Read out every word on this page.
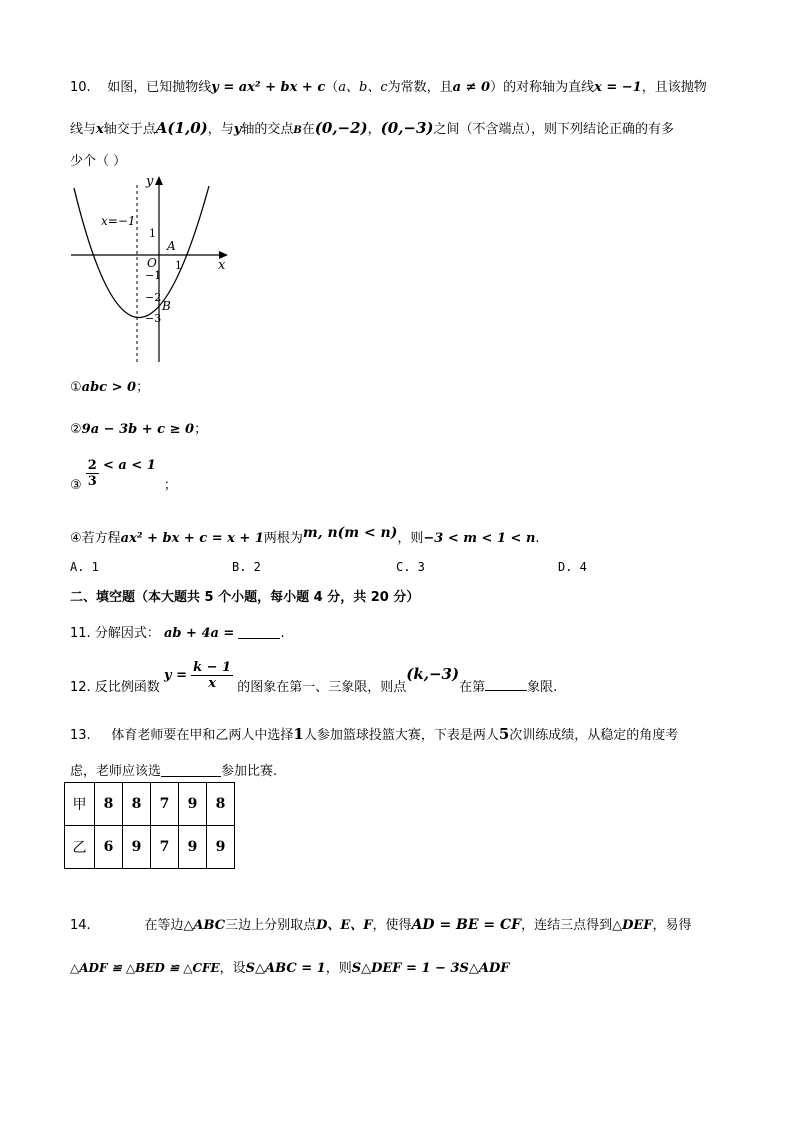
10. 如图，已知抛物线y = ax² + bx + c（a、b、c为常数，且a ≠ 0）的对称轴为直线x = −1，且该抛物
线与x轴交于点A(1,0)，与y轴的交点B在(0,−2)，(0,−3)之间（不含端点），则下列结论正确的有多
少个（ ）
y
x
x=−1
O
1
−1
−2
−3
1
A
B
①abc > 0；
②9a − 3b + c ≥ 0；
③ $\frac{2}{3} < a < 1$；
④若方程ax² + bx + c = x + 1两根为m, n(m < n)，则−3 < m < 1 < n.
A. 1	B. 2	C. 3	D. 4
二、填空题（本大题共 5 个小题，每小题 4 分，共 20 分）
11. 分解因式： ab + 4a =	.
12. 反比例函数 $y = \frac{k - 1}{x}$ 的图象在第一、三象限，则点(k,−3)在第	象限.
13. 体育老师要在甲和乙两人中选择1人参加篮球投篮大赛，下表是两人5次训练成绩，从稳定的角度考
虑，老师应该选	参加比赛.
甲	8	8	7	9	8
乙	6	9	7	9	9
14.	在等边△ABC三边上分别取点D、E、F，使得AD = BE = CF，连结三点得到△DEF，易得
△ADF ≌ △BED ≌ △CFE，设S△ABC = 1，则S△DEF = 1 − 3S△ADF
